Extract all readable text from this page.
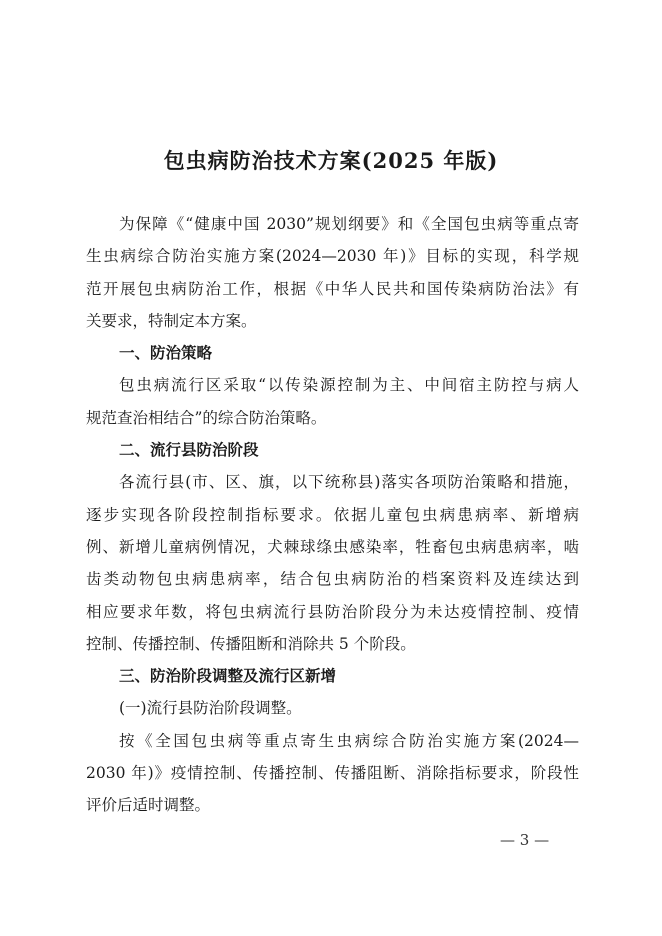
包虫病防治技术方案(2025 年版)
为保障《“健康中国 2030”规划纲要》和《全国包虫病等重点寄
生虫病综合防治实施方案(2024—2030 年)》目标的实现，科学规
范开展包虫病防治工作，根据《中华人民共和国传染病防治法》有
关要求，特制定本方案。
一、防治策略
包虫病流行区采取“以传染源控制为主、中间宿主防控与病人
规范查治相结合”的综合防治策略。
二、流行县防治阶段
各流行县(市、区、旗，以下统称县)落实各项防治策略和措施，
逐步实现各阶段控制指标要求。依据儿童包虫病患病率、新增病
例、新增儿童病例情况，犬棘球绦虫感染率，牲畜包虫病患病率，啮
齿类动物包虫病患病率，结合包虫病防治的档案资料及连续达到
相应要求年数，将包虫病流行县防治阶段分为未达疫情控制、疫情
控制、传播控制、传播阻断和消除共 5 个阶段。
三、防治阶段调整及流行区新增
(一)流行县防治阶段调整。
按《全国包虫病等重点寄生虫病综合防治实施方案(2024—
2030 年)》疫情控制、传播控制、传播阻断、消除指标要求，阶段性
评价后适时调整。
— 3 —
